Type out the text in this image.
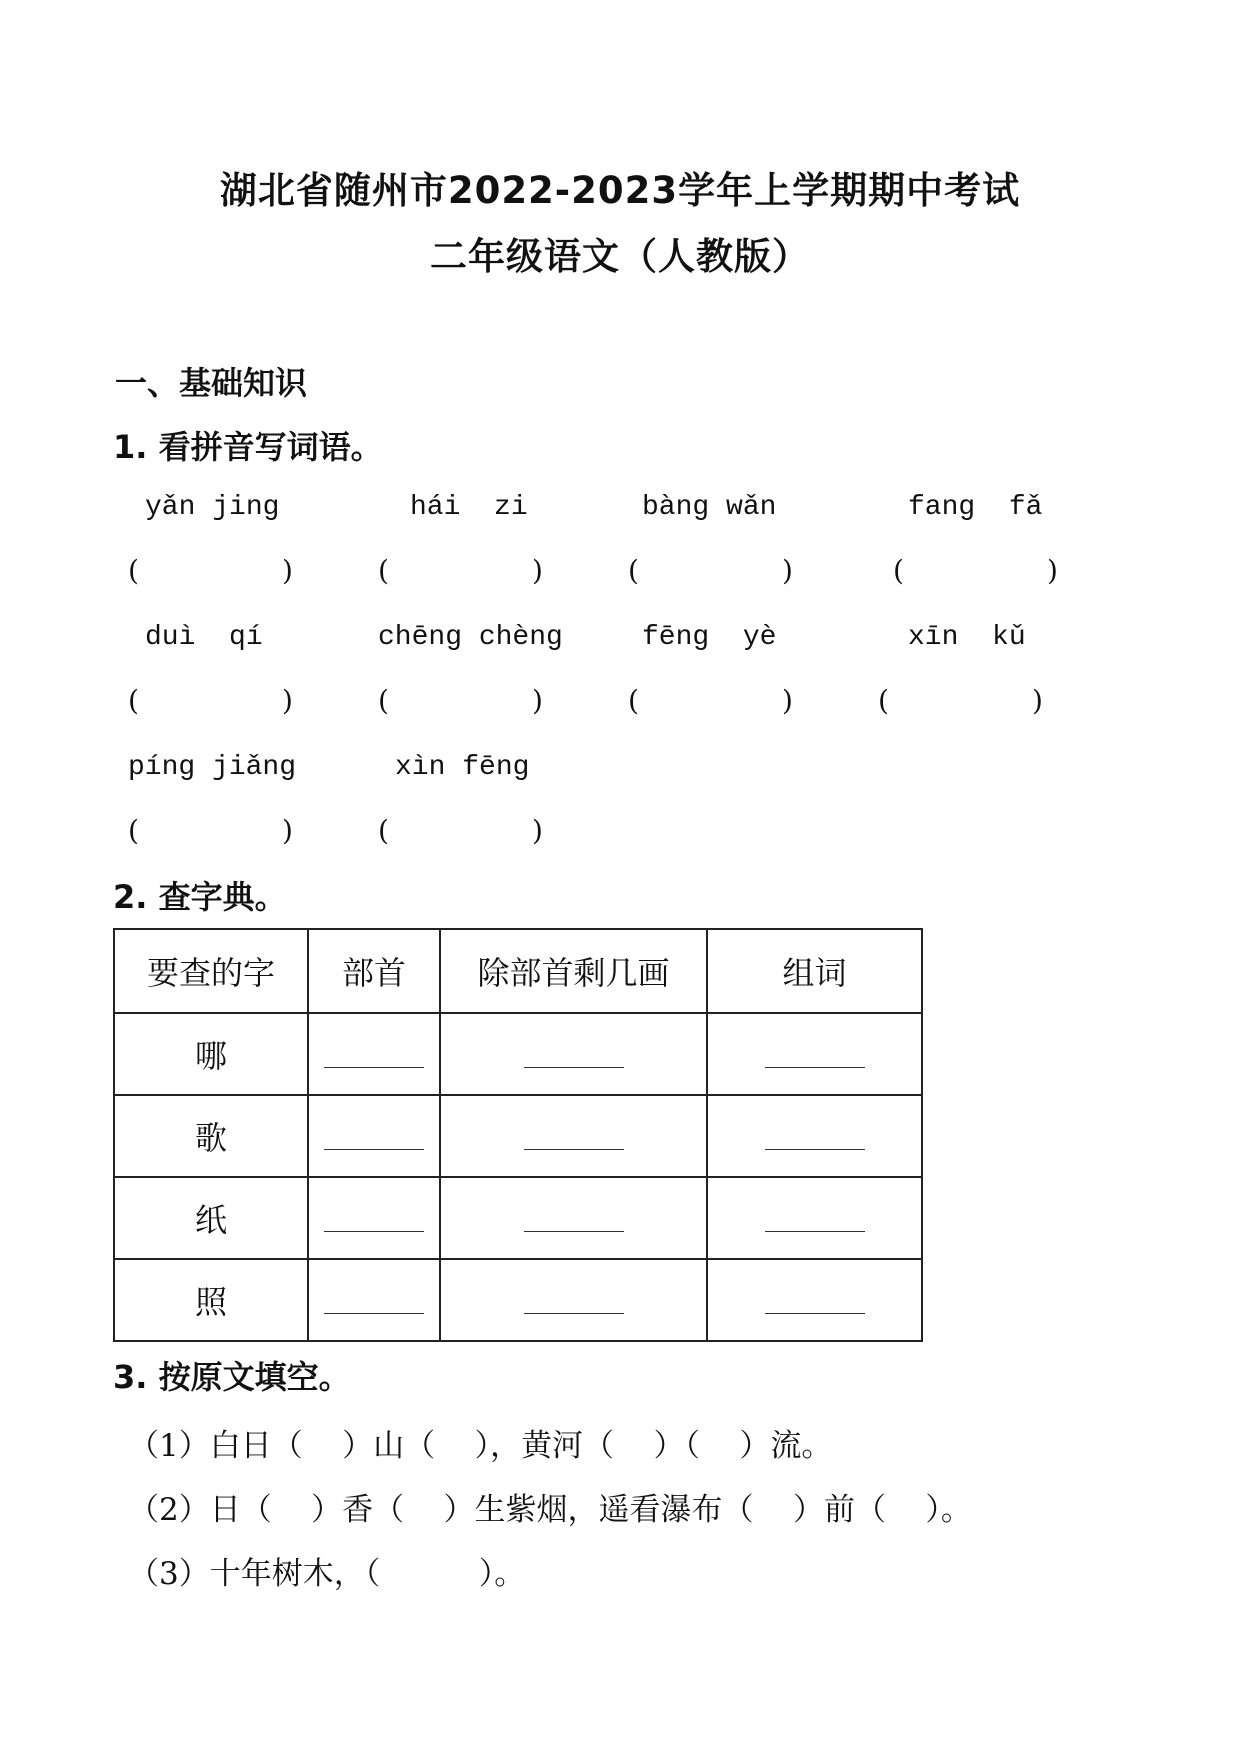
湖北省随州市2022-2023学年上学期期中考试
二年级语文（人教版）
一、基础知识
1. 看拼音写词语。
yǎn jing	hái  zi	bàng wǎn	fang  fǎ
(	)	(	)	(	)	(	)
duì  qí	chēng chèng	fēng  yè	xīn  kǔ
(	)	(	)	(	)	(	)
píng jiǎng	xìn fēng
(	)	(	)
2. 查字典。
要查的字	部首	除部首剩几画	组词
哪			
歌			
纸			
照			
3. 按原文填空。
（1）白日（    ）山（    ），黄河（    ）（    ）流。
（2）日（    ）香（    ）生紫烟，遥看瀑布（    ）前（    ）。
（3）十年树木，（          ）。
